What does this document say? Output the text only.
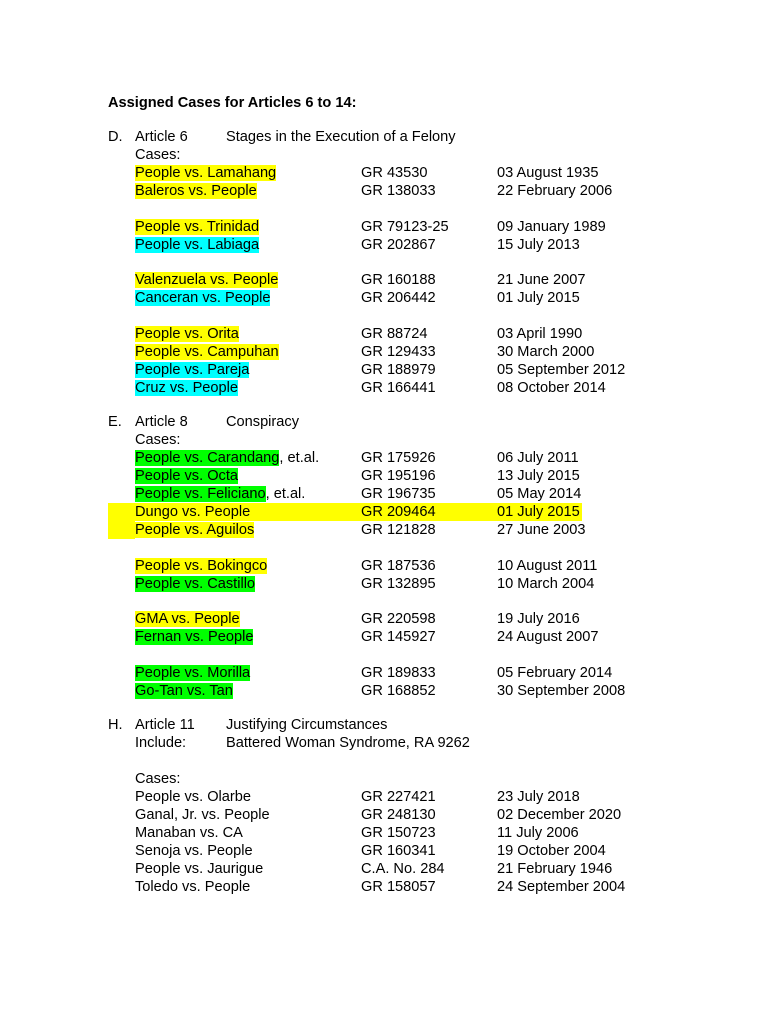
Assigned Cases for Articles 6 to 14:
D. Article 6	Stages in the Execution of a Felony
Cases:
People vs. Lamahang	GR 43530	03 August 1935
Baleros vs. People	GR 138033	22 February 2006
People vs. Trinidad	GR 79123-25	09 January 1989
People vs. Labiaga	GR 202867	15 July 2013
Valenzuela vs. People	GR 160188	21 June 2007
Canceran vs. People	GR 206442	01 July 2015
People vs. Orita	GR 88724	03 April 1990
People vs. Campuhan	GR 129433	30 March 2000
People vs. Pareja	GR 188979	05 September 2012
Cruz vs. People	GR 166441	08 October 2014
E. Article 8	Conspiracy
Cases:
People vs. Carandang, et.al.	GR 175926	06 July 2011
People vs. Octa	GR 195196	13 July 2015
People vs. Feliciano, et.al.	GR 196735	05 May 2014
Dungo vs. People	GR 209464	01 July 2015
People vs. Aguilos	GR 121828	27 June 2003
People vs. Bokingco	GR 187536	10 August 2011
People vs. Castillo	GR 132895	10 March 2004
GMA vs. People	GR 220598	19 July 2016
Fernan vs. People	GR 145927	24 August 2007
People vs. Morilla	GR 189833	05 February 2014
Go-Tan vs. Tan	GR 168852	30 September 2008
H. Article 11 Justifying Circumstances
Include:	Battered Woman Syndrome, RA 9262
Cases:
People vs. Olarbe	GR 227421	23 July 2018
Ganal, Jr. vs. People	GR 248130	02 December 2020
Manaban vs. CA	GR 150723	11 July 2006
Senoja vs. People	GR 160341	19 October 2004
People vs. Jaurigue	C.A. No. 284	21 February 1946
Toledo vs. People	GR 158057	24 September 2004
